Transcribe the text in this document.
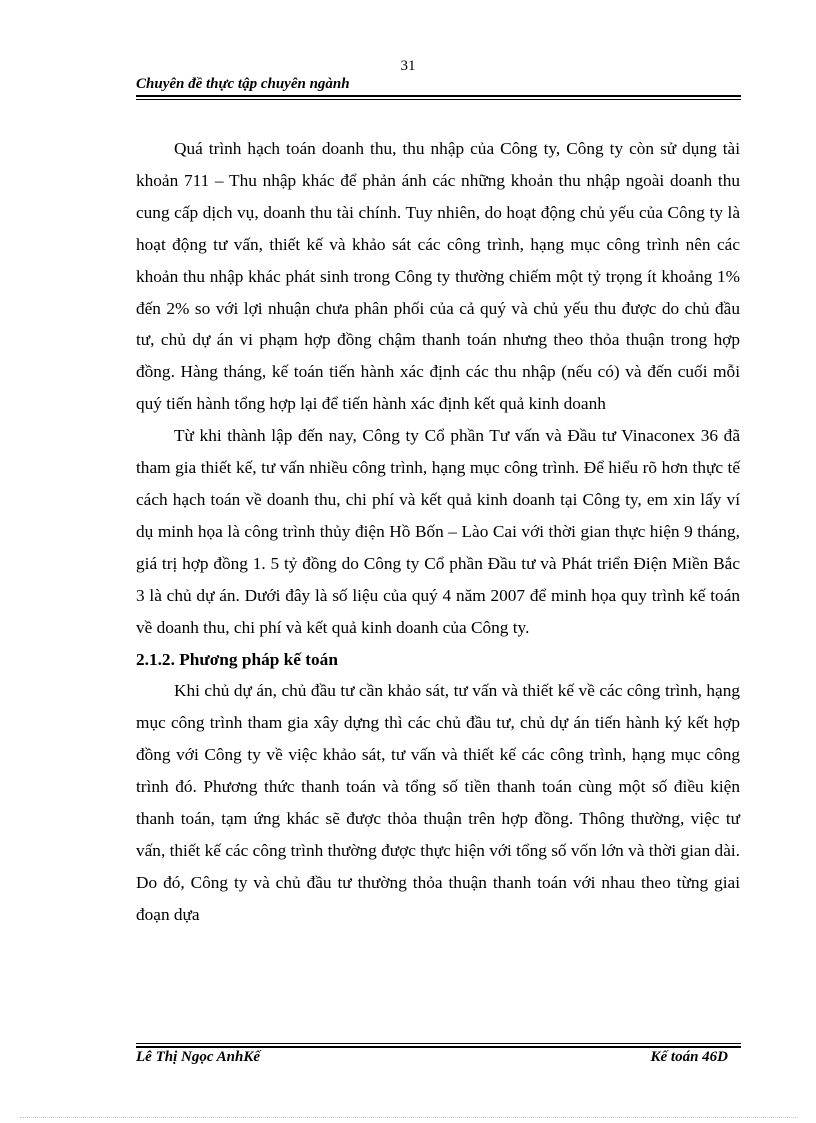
31
Chuyên đề thực tập chuyên ngành

Quá trình hạch toán doanh thu, thu nhập của Công ty, Công ty còn sử dụng tài khoản 711 – Thu nhập khác để phản ánh các những khoản thu nhập ngoài doanh thu cung cấp dịch vụ, doanh thu tài chính. Tuy nhiên, do hoạt động chủ yếu của Công ty là hoạt động tư vấn, thiết kế và khảo sát các công trình, hạng mục công trình nên các khoản thu nhập khác phát sinh trong Công ty thường chiếm một tỷ trọng ít khoảng 1% đến 2% so với lợi nhuận chưa phân phối của cả quý và chủ yếu thu được do chủ đầu tư, chủ dự án vi phạm hợp đồng chậm thanh toán nhưng theo thỏa thuận trong hợp đồng. Hàng tháng, kế toán tiến hành xác định các thu nhập (nếu có) và đến cuối mỗi quý tiến hành tổng hợp lại để tiến hành xác định kết quả kinh doanh

Từ khi thành lập đến nay, Công ty Cổ phần Tư vấn và Đầu tư Vinaconex 36 đã tham gia thiết kế, tư vấn nhiều công trình, hạng mục công trình. Để hiểu rõ hơn thực tế cách hạch toán về doanh thu, chi phí và kết quả kinh doanh tại Công ty, em xin lấy ví dụ minh họa là công trình thủy điện Hồ Bốn – Lào Cai với thời gian thực hiện 9 tháng, giá trị hợp đồng 1. 5 tỷ đồng do Công ty Cổ phần Đầu tư và Phát triển Điện Miền Bắc 3 là chủ dự án. Dưới đây là số liệu của quý 4 năm 2007 để minh họa quy trình kế toán về doanh thu, chi phí và kết quả kinh doanh của Công ty.

2.1.2. Phương pháp kế toán

Khi chủ dự án, chủ đầu tư cần khảo sát, tư vấn và thiết kế về các công trình, hạng mục công trình tham gia xây dựng thì các chủ đầu tư, chủ dự án tiến hành ký kết hợp đồng với Công ty về việc khảo sát, tư vấn và thiết kế các công trình, hạng mục công trình đó. Phương thức thanh toán và tổng số tiền thanh toán cùng một số điều kiện thanh toán, tạm ứng khác sẽ được thỏa thuận trên hợp đồng. Thông thường, việc tư vấn, thiết kế các công trình thường được thực hiện với tổng số vốn lớn và thời gian dài. Do đó, Công ty và chủ đầu tư thường thỏa thuận thanh toán với nhau theo từng giai đoạn dựa

Lê Thị Ngọc AnhKế	Kế toán 46D
